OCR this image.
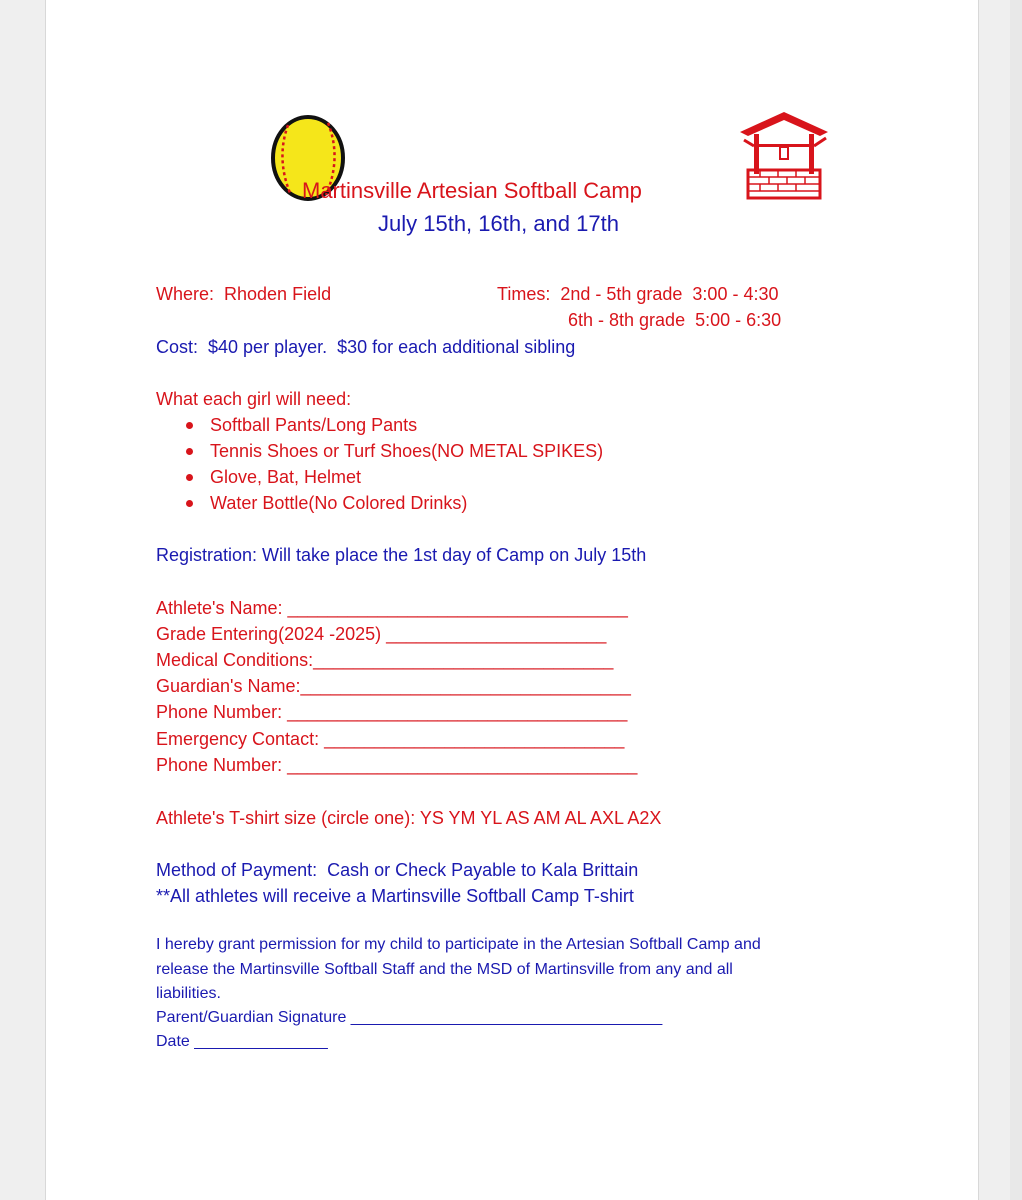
Martinsville Artesian Softball Camp
July 15th, 16th, and 17th
Where:  Rhoden Field	Times:  2nd - 5th grade  3:00 - 4:30
6th - 8th grade  5:00 - 6:30
Cost:  $40 per player.  $30 for each additional sibling
What each girl will need:
Softball Pants/Long Pants
Tennis Shoes or Turf Shoes(NO METAL SPIKES)
Glove, Bat, Helmet
Water Bottle(No Colored Drinks)
Registration: Will take place the 1st day of Camp on July 15th
Athlete's Name: __________________________________
Grade Entering(2024 -2025) ______________________
Medical Conditions:______________________________
Guardian's Name:_________________________________
Phone Number: __________________________________
Emergency Contact: ______________________________
Phone Number: ___________________________________
Athlete's T-shirt size (circle one): YS YM YL AS AM AL AXL A2X
Method of Payment:  Cash or Check Payable to Kala Brittain
**All athletes will receive a Martinsville Softball Camp T-shirt
I hereby grant permission for my child to participate in the Artesian Softball Camp and
release the Martinsville Softball Staff and the MSD of Martinsville from any and all
liabilities.
Parent/Guardian Signature ___________________________________
Date _______________
